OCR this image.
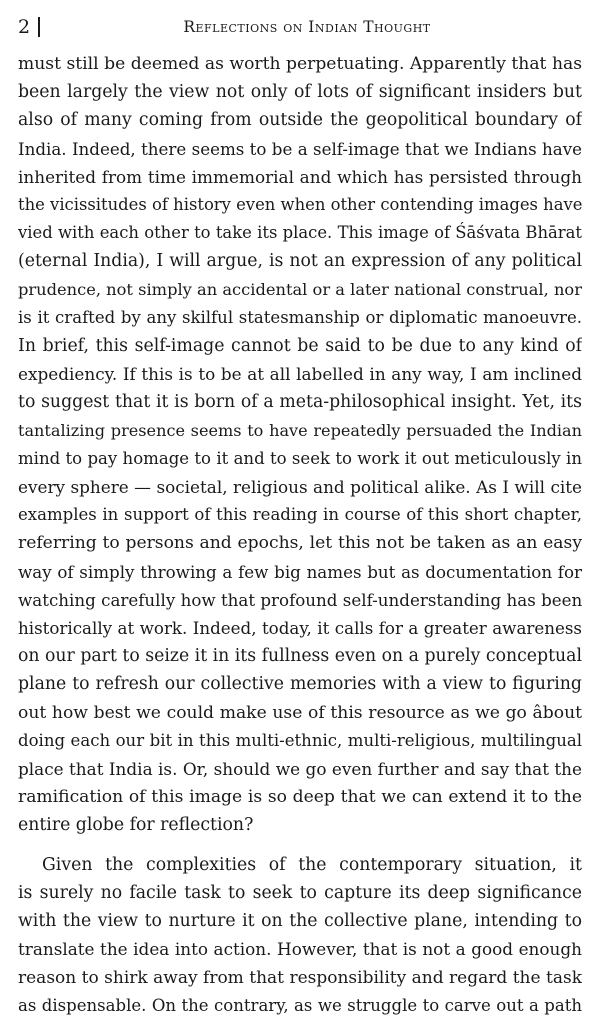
2	Reflections on Indian Thought

must still be deemed as worth perpetuating. Apparently that has
been largely the view not only of lots of significant insiders but
also of many coming from outside the geopolitical boundary of
India. Indeed, there seems to be a self-image that we Indians have
inherited from time immemorial and which has persisted through
the vicissitudes of history even when other contending images have
vied with each other to take its place. This image of Śāśvata Bhārat
(eternal India), I will argue, is not an expression of any political
prudence, not simply an accidental or a later national construal, nor
is it crafted by any skilful statesmanship or diplomatic manoeuvre.
In brief, this self-image cannot be said to be due to any kind of
expediency. If this is to be at all labelled in any way, I am inclined
to suggest that it is born of a meta-philosophical insight. Yet, its
tantalizing presence seems to have repeatedly persuaded the Indian
mind to pay homage to it and to seek to work it out meticulously in
every sphere — societal, religious and political alike. As I will cite
examples in support of this reading in course of this short chapter,
referring to persons and epochs, let this not be taken as an easy
way of simply throwing a few big names but as documentation for
watching carefully how that profound self-understanding has been
historically at work. Indeed, today, it calls for a greater awareness
on our part to seize it in its fullness even on a purely conceptual
plane to refresh our collective memories with a view to figuring
out how best we could make use of this resource as we go âbout
doing each our bit in this multi-ethnic, multi-religious, multilingual
place that India is. Or, should we go even further and say that the
ramification of this image is so deep that we can extend it to the
entire globe for reflection?

Given the complexities of the contemporary situation, it
is surely no facile task to seek to capture its deep significance
with the view to nurture it on the collective plane, intending to
translate the idea into action. However, that is not a good enough
reason to shirk away from that responsibility and regard the task
as dispensable. On the contrary, as we struggle to carve out a path
